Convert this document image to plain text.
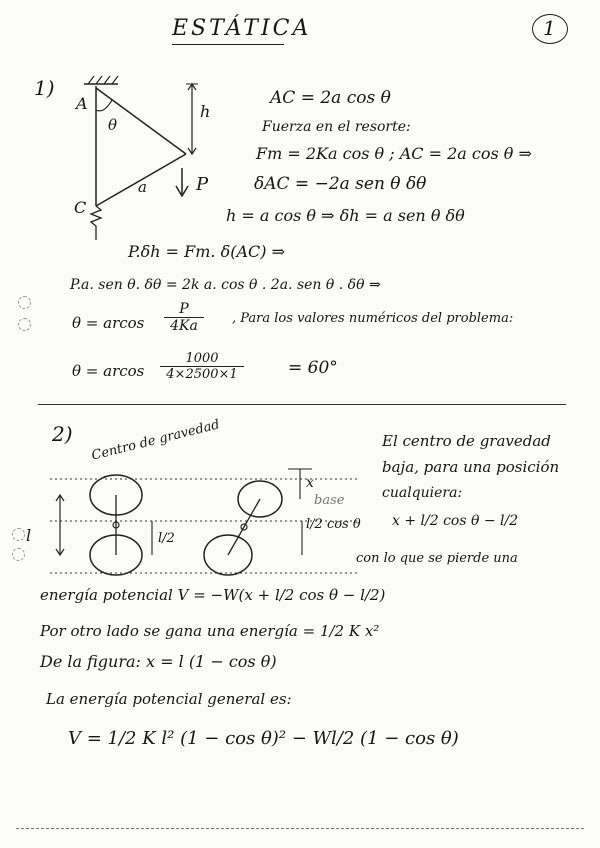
ESTÁTICA	1
1)
A
θ
h
a	P
C
AC = 2a cos θ
Fuerza en el resorte:
Fm = 2Ka cos θ ; AC = 2a cos θ ⇒
δAC = −2a sen θ δθ
h = a cos θ ⇒ δh = a sen θ δθ
P.δh = Fm. δ(AC) ⇒
P.a. sen θ. δθ = 2k a. cos θ . 2a. sen θ . δθ ⇒
θ = arcos
P
4Ka	, Para los valores numéricos del problema:
θ = arcos
1000
4×2500×1	= 60°
2) Centro de gravedad
l	l/2
x
l/2 cos θ
base
El centro de gravedad
baja, para una posición
cualquiera:
x + l/2 cos θ − l/2
con lo que se pierde una
energía potencial V = −W(x + l/2 cos θ − l/2)
Por otro lado se gana una energía = 1/2 K x²
De la figura: x = l (1 − cos θ)
La energía potencial general es:
V = 1/2 K l² (1 − cos θ)² − Wl/2 (1 − cos θ)
